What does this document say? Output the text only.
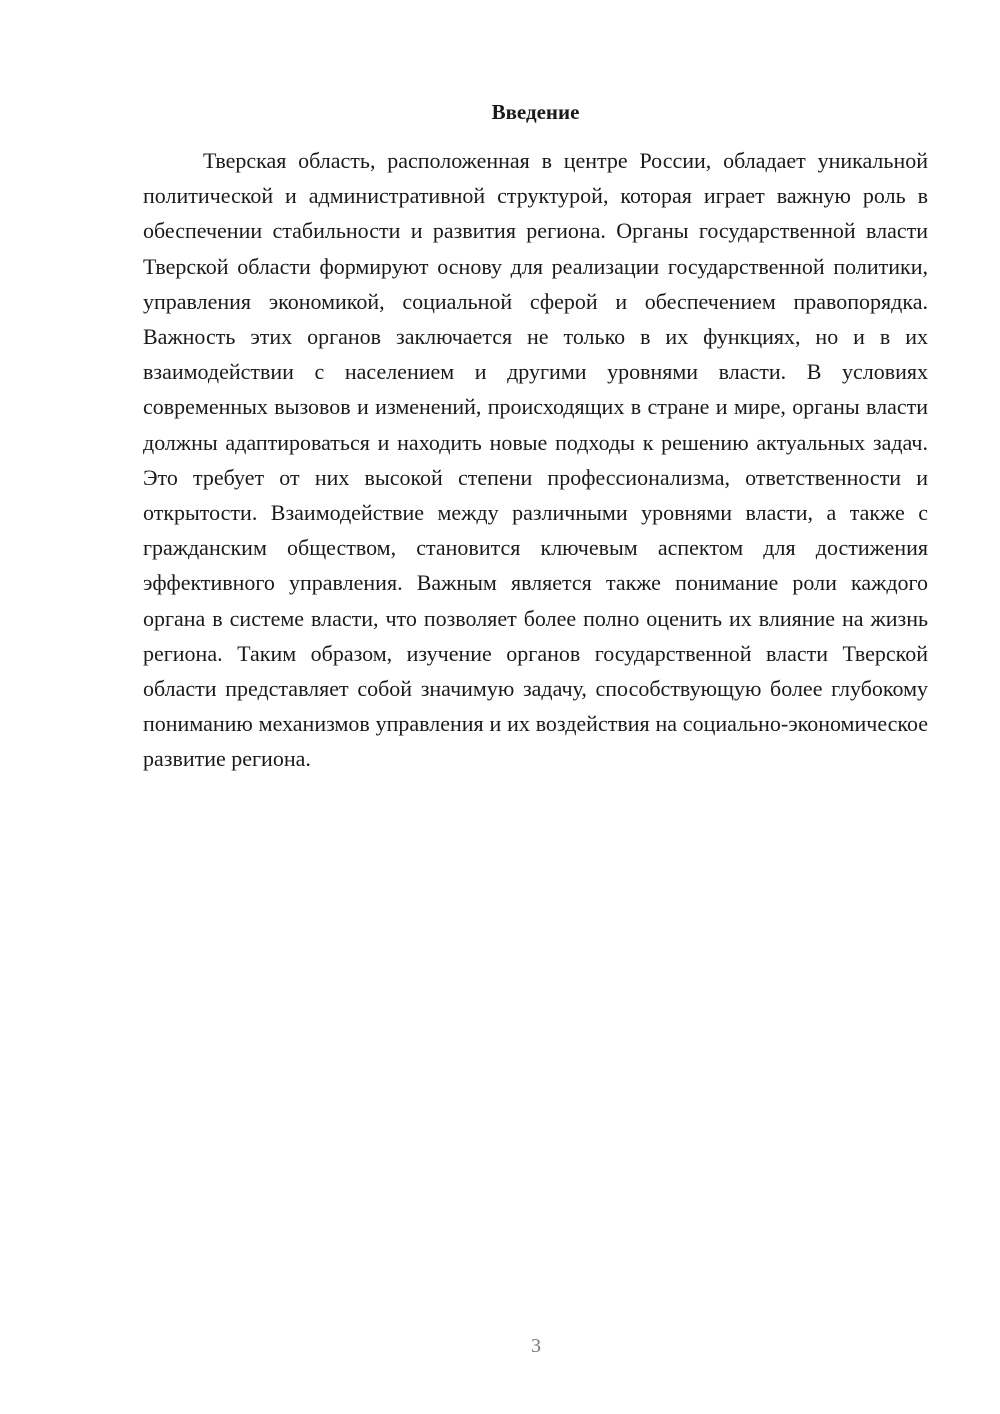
Введение

Тверская область, расположенная в центре России, обладает уникальной политической и административной структурой, которая играет важную роль в обеспечении стабильности и развития региона. Органы государственной власти Тверской области формируют основу для реализации государственной политики, управления экономикой, социальной сферой и обеспечением правопорядка. Важность этих органов заключается не только в их функциях, но и в их взаимодействии с населением и другими уровнями власти. В условиях современных вызовов и изменений, происходящих в стране и мире, органы власти должны адаптироваться и находить новые подходы к решению актуальных задач. Это требует от них высокой степени профессионализма, ответственности и открытости. Взаимодействие между различными уровнями власти, а также с гражданским обществом, становится ключевым аспектом для достижения эффективного управления. Важным является также понимание роли каждого органа в системе власти, что позволяет более полно оценить их влияние на жизнь региона. Таким образом, изучение органов государственной власти Тверской области представляет собой значимую задачу, способствующую более глубокому пониманию механизмов управления и их воздействия на социально-экономическое развитие региона.

3
